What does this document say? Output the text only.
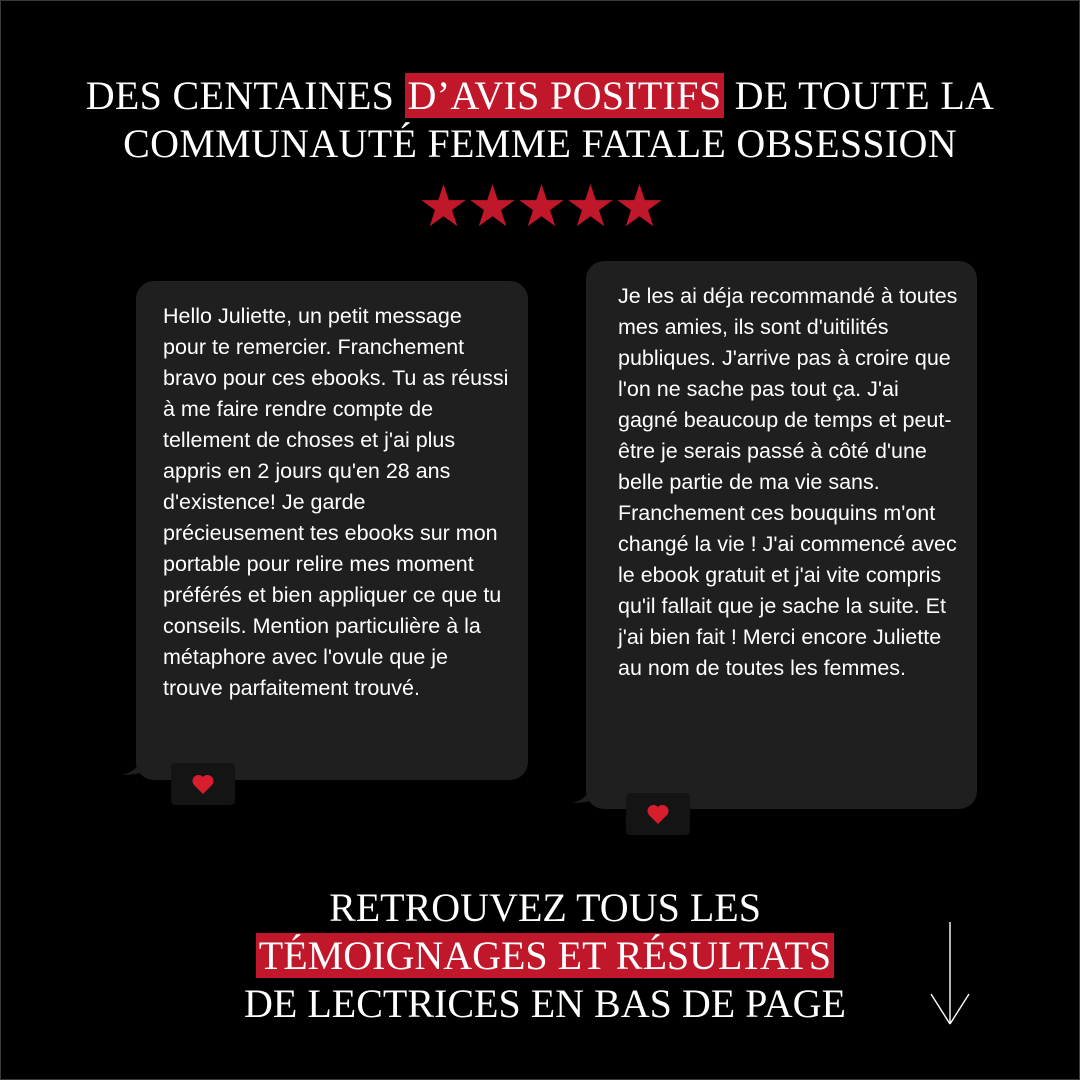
DES CENTAINES D’AVIS POSITIFS DE TOUTE LA
COMMUNAUTÉ FEMME FATALE OBSESSION
★★★★★
Hello Juliette, un petit message pour te remercier. Franchement bravo pour ces ebooks. Tu as réussi à me faire rendre compte de tellement de choses et j'ai plus appris en 2 jours qu'en 28 ans d'existence! Je garde précieusement tes ebooks sur mon portable pour relire mes moment préférés et bien appliquer ce que tu conseils. Mention particulière à la métaphore avec l'ovule que je trouve parfaitement trouvé.
Je les ai déja recommandé à toutes mes amies, ils sont d'uitilités publiques. J'arrive pas à croire que l'on ne sache pas tout ça. J'ai gagné beaucoup de temps et peut-être je serais passé à côté d'une belle partie de ma vie sans. Franchement ces bouquins m'ont changé la vie ! J'ai commencé avec le ebook gratuit et j'ai vite compris qu'il fallait que je sache la suite. Et j'ai bien fait ! Merci encore Juliette au nom de toutes les femmes.
RETROUVEZ TOUS LES
TÉMOIGNAGES ET RÉSULTATS
DE LECTRICES EN BAS DE PAGE
